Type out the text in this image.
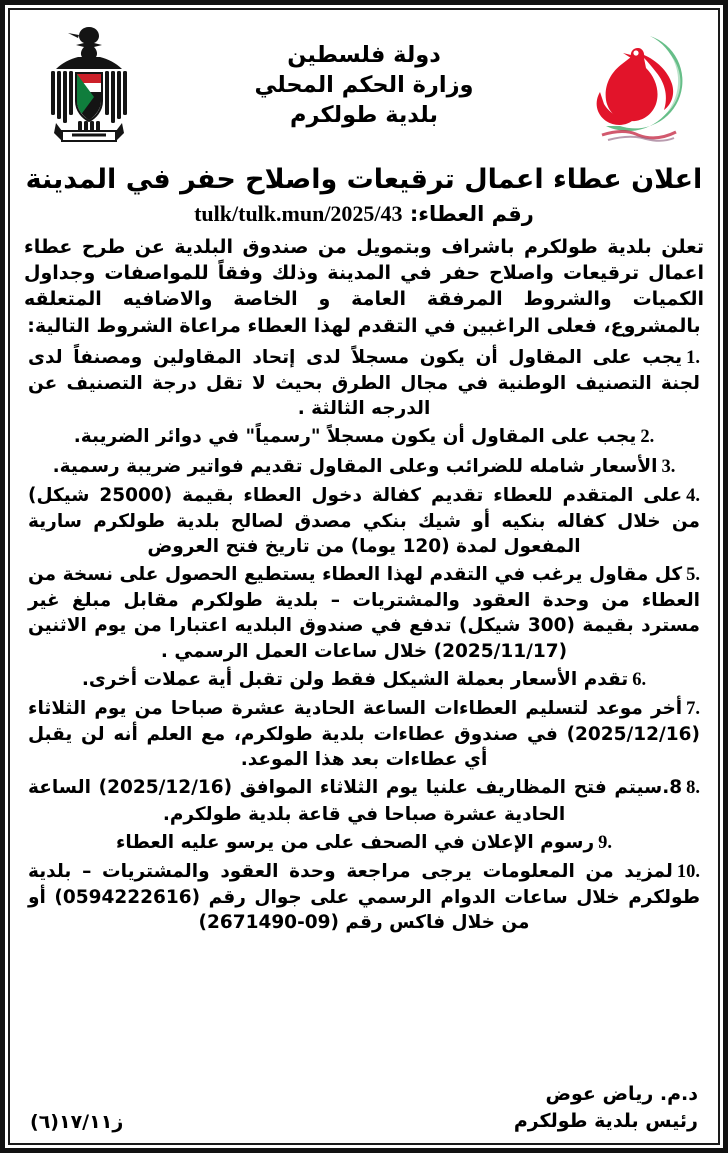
دولة فلسطين
وزارة الحكم المحلي
بلدية طولكرم
اعلان عطاء اعمال ترقيعات واصلاح حفر في المدينة
رقم العطاء: tulk/tulk.mun/2025/43

تعلن بلدية طولكرم باشراف وبتمويل من صندوق البلدية عن طرح عطاء اعمال ترقيعات واصلاح حفر في المدينة وذلك وفقاً للمواصفات وجداول الكميات والشروط المرفقة العامة و الخاصة والاضافيه المتعلقه بالمشروع، فعلى الراغبين في التقدم لهذا العطاء مراعاة الشروط التالية:

1.يجب على المقاول أن يكون مسجلاً لدى إتحاد المقاولين ومصنفاً لدى لجنة التصنيف الوطنية في مجال الطرق بحيث لا تقل درجة التصنيف عن الدرجه الثالثة .
2.يجب على المقاول أن يكون مسجلاً "رسمياً" في دوائر الضريبة.
3.الأسعار شامله للضرائب وعلى المقاول تقديم فواتير ضريبة رسمية.
4.على المتقدم للعطاء تقديم كفالة دخول العطاء بقيمة (25000 شيكل) من خلال كفاله بنكيه أو شيك بنكي مصدق لصالح بلدية طولكرم سارية المفعول لمدة (120 يوما) من تاريخ فتح العروض
5.كل مقاول يرغب في التقدم لهذا العطاء يستطيع الحصول على نسخة من العطاء من وحدة العقود والمشتريات – بلدية طولكرم مقابل مبلغ غير مسترد بقيمة (300 شيكل) تدفع في صندوق البلديه اعتبارا من يوم الاثنين (2025/11/17) خلال ساعات العمل الرسمي .
6.تقدم الأسعار بعملة الشيكل فقط ولن تقبل أية عملات أخرى.
7.أخر موعد لتسليم العطاءات الساعة الحادية عشرة صباحا من يوم الثلاثاء (2025/12/16) في صندوق عطاءات بلدية طولكرم، مع العلم أنه لن يقبل أي عطاءات بعد هذا الموعد.
8.8.سيتم فتح المظاريف علنيا يوم الثلاثاء الموافق (2025/12/16) الساعة الحادية عشرة صباحا في قاعة بلدية طولكرم.
9.رسوم الإعلان في الصحف على من يرسو عليه العطاء
10.لمزيد من المعلومات يرجى مراجعة وحدة العقود والمشتريات – بلدية طولكرم خلال ساعات الدوام الرسمي على جوال رقم (0594222616) أو من خلال فاكس رقم (09-2671490)
د.م. رياض عوض
رئيس بلدية طولكرم
ز١٧/١١(٦)
